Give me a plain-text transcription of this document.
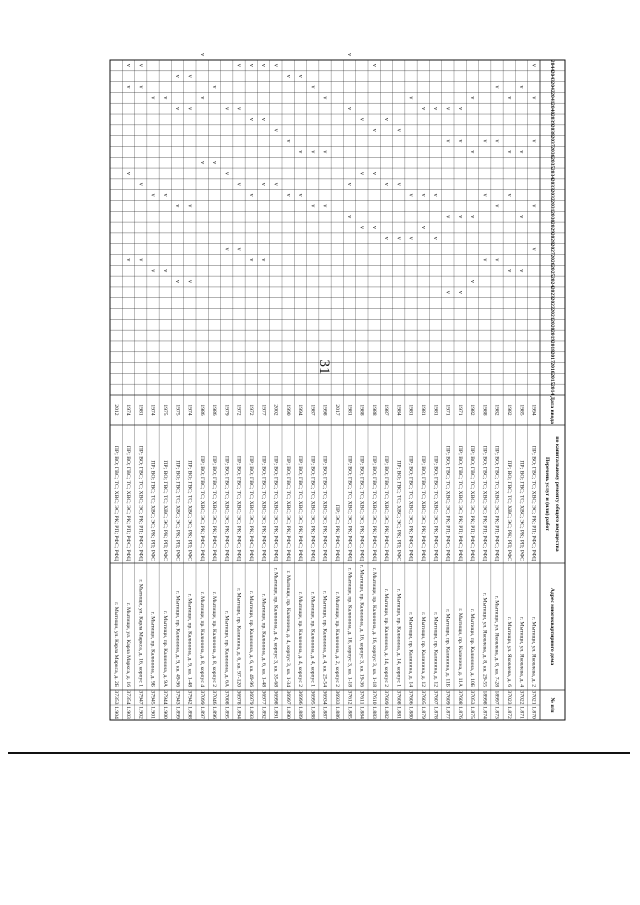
31
№ п/п
Адрес многоквартирного дома
Перечень услуг и (или) работ по капитальному ремонту общего имущества
Дата ввода
2014
2015
2016
2017
2018
2019
2020
2021
2022
2023
2024
2025
2026
2027
2028
2029
2030
2031
2032
2033
2034
2035
2036
2037
2038
2039
2040
2041
2042
2043
2044
1.870
37021
г. Мытищи, ул. Яковлева, д. 2
ПР; ВО; ГВС; ТС; ХВС; ЭС; РК; РП; РФС; РФЦ
1994
v
v
v
v
v
1.871
37022
г. Мытищи, ул. Яковлева, д. 4
ПР; ВО; ГВС; ТС; ХВС; ЭС; РК; РП; РФС
1985
v
v
v
v
1.872
37023
г. Мытищи, ул. Яковлева, д. 6
ПР; ВО; ГВС; ТС; ХВС; ЭС; РК; РП; РФС
1982
v
v
v
v
1.873
18997
г. Мытищи, ул. Яковлева, д. 8, кв. 7-28
ПР; ВО; ГВС; ТС; ХВС; ЭС; РК; РП; РФС; РФЦ
1982
v
v
v
v
1.874
18998
г. Мытищи, ул. Яковлева, д. 8, кв. 29-55
ПР; ВО; ГВС; ТС; ХВС; ЭС; РК; РП; РФС; РФЦ
1988
v
v
v
1.875
37053
г. Мытищи, пр. Калинина, д. 10Б
ПР; ВО; ГВС; ТС; ХВС; ЭС; РК; РП; РФС; РФЦ
1982
v
v
v
v
1.876
37608
г. Мытищи, пр. Калинина, д. 11А
ПР; ВО; ГВС; ТС; ХВС; ЭС; РК; РП; РФС; РФЦ
1971
v
v
v
v
1.877
37609
г. Мытищи, пр. Калинина, д. 11Б
ПР; ВО; ГВС; ТС; ХВС; ЭС; РК; РП; РФС; РФЦ
1971
v
v
v
v
1.878
37607
г. Мытищи, пр. Калинина, д. 12
ПР; ВО; ГВС; ТС; ХВС; ЭС; РК; РФС; РФЦ
1981
v
v
v
1.879
37605
г. Мытищи, пр. Калинина, д. 12
ПР; ВО; ГВС; ТС; ХВС; ЭС; РК; РФС; РФЦ
1981
v
v
v
1.880
37606
г. Мытищи, пр. Калинина, д. 14
ПР; ВО; ГВС; ТС; ХВС; ЭС; РК; РФС; РФЦ
1981
v
v
v
1.881
37608
г. Мытищи, пр. Калинина, д. 14, корпус 1
ПР; ВО; ГВС; ТС; ХВС; ЭС; РК; РП; РФС
1984
v
v
v
1.882
37609
г. Мытищи, пр. Калинина, д. 14, корпус 2
ПР; ВО; ГВС; ТС; ХВС; ЭС; РК; РФС; РФЦ
1987
v
v
v
1.883
37610
г. Мытищи, пр. Калинина, д. 16, корпус 3, кв. 1-18
ПР; ВО; ГВС; ТС; ХВС; ЭС; РК; РФС; РФЦ
1988
v
v
v
v
1.884
37611
г. Мытищи, пр. Калинина, д. 16, корпус 3, кв. 19-36
ПР; ВО; ГВС; ТС; ХВС; ЭС; РК; РФС; РФЦ
1988
v
v
v
1.885
37612
г. Мытищи, пр. Калинина, д. 18, корпус 3, кв. 1-18
ПР; ВО; ГВС; ТС; ХВС; ЭС; РК; РФС; РФЦ
1981
v
v
v
v
1.886
36933
г. Мытищи, пр. Калинина, д. 2, корпус 2
ПР; ЭС; РК; РФС; РФЦ
2017
1.887
36934
г. Мытищи, пр. Калинина, д. 4, кв. 25-54
ПР; ВО; ГВС; ТС; ХВС; ЭС; РК; РФС; РФЦ
1998
v
v
v
1.888
36995
г. Мытищи, пр. Калинина, д. 4, корпус 1
ПР; ВО; ГВС; ТС; ХВС; ЭС; РК; РФС; РФЦ
1987
v
v
v
1.889
36996
г. Мытищи, пр. Калинина, д. 4, корпус 2
ПР; ВО; ГВС; ТС; ХВС; ЭС; РК; РФС; РФЦ
1994
v
v
v
1.890
36997
г. Мытищи, пр. Калинина, д. 4, корпус 3, кв. 1-34
ПР; ВО; ГВС; ТС; ХВС; ЭС; РК; РФС; РФЦ
1990
v
v
v
1.891
36998
г. Мытищи, пр. Калинина, д. 4, корпус 3, кв. 35-68
ПР; ВО; ГВС; ТС; ХВС; ЭС; РК; РФС; РФЦ
2002
v
v
v
1.892
36977
г. Мытищи, пр. Калинина, д. 6, кв. 1-48
ПР; ВО; ГВС; ТС; ХВС; ЭС; РК; РФС; РФЦ
1977
v
v
v
v
1.893
36979
г. Мытищи, пр. Калинина, д. 6, кв. 49-96
ПР; ВО; ГВС; ТС; ХВС; ЭС; РК; РФС; РФЦ
1972
v
v
v
v
1.894
36978
г. Мытищи, пр. Калинина, д. 6, кв. 97-120
ПР; ВО; ГВС; ТС; ХВС; ЭС; РК; РФС; РФЦ
1972
v
v
v
v
1.895
37008
г. Мытищи, пр. Калинина, д. 6А
ПР; ВО; ГВС; ТС; ХВС; ЭС; РК; РФС; РФЦ
1979
v
v
v
1.896
37046
г. Мытищи, пр. Калинина, д. 8, корпус 2
ПР; ВО; ГВС; ТС; ХВС; ЭС; РК; РФС; РФЦ
1986
v
v
1.897
37099
г. Мытищи, пр. Калинина, д. 8, корпус 4
ПР; ВО; ГВС; ТС; ХВС; ЭС; РК; РФС; РФЦ
1986
v
v
v
1.898
37942
г. Мытищи, пр. Калинина, д. 9, кв. 1-48
ПР; ВО; ГВС; ТС; ХВС; ЭС; РК; РП; РФС
1974
v
v
v
v
1.899
37943
г. Мытищи, пр. Калинина, д. 9, кв. 49-96
ПР; ВО; ГВС; ТС; ХВС; ЭС; РК; РП; РФС
1975
v
v
v
v
1.900
37944
г. Мытищи, пр. Калинина, д. 9А
ПР; ВО; ГВС; ТС; ХВС; ЭС; РК; РП; РФС
1975
v
v
v
1.901
37945
г. Мытищи, пр. Калинина, д. 9Б
ПР; ВО; ГВС; ТС; ХВС; ЭС; РК; РП; РФС
1974
v
v
v
1.902
37947
г. Мытищи, ул. Карла Маркса, д. 16, корпус 1
ПР; ВО; ГВС; ТС; ХВС; ЭС; РК; РП; РФС; РФЦ
1981
v
v
v
v
1.903
37354
г. Мытищи, ул. Карла Маркса, д. 16
ПР; ВО; ГВС; ТС; ХВС; ЭС; РК; РП; РФС; РФЦ
1974
v
v
v
v
1.904
37353
г. Мытищи, ул. Карла Маркса, д. 2Б
ПР; ВО; ГВС; ТС; ХВС; ЭС; РК; РП; РФС; РФЦ
2012
